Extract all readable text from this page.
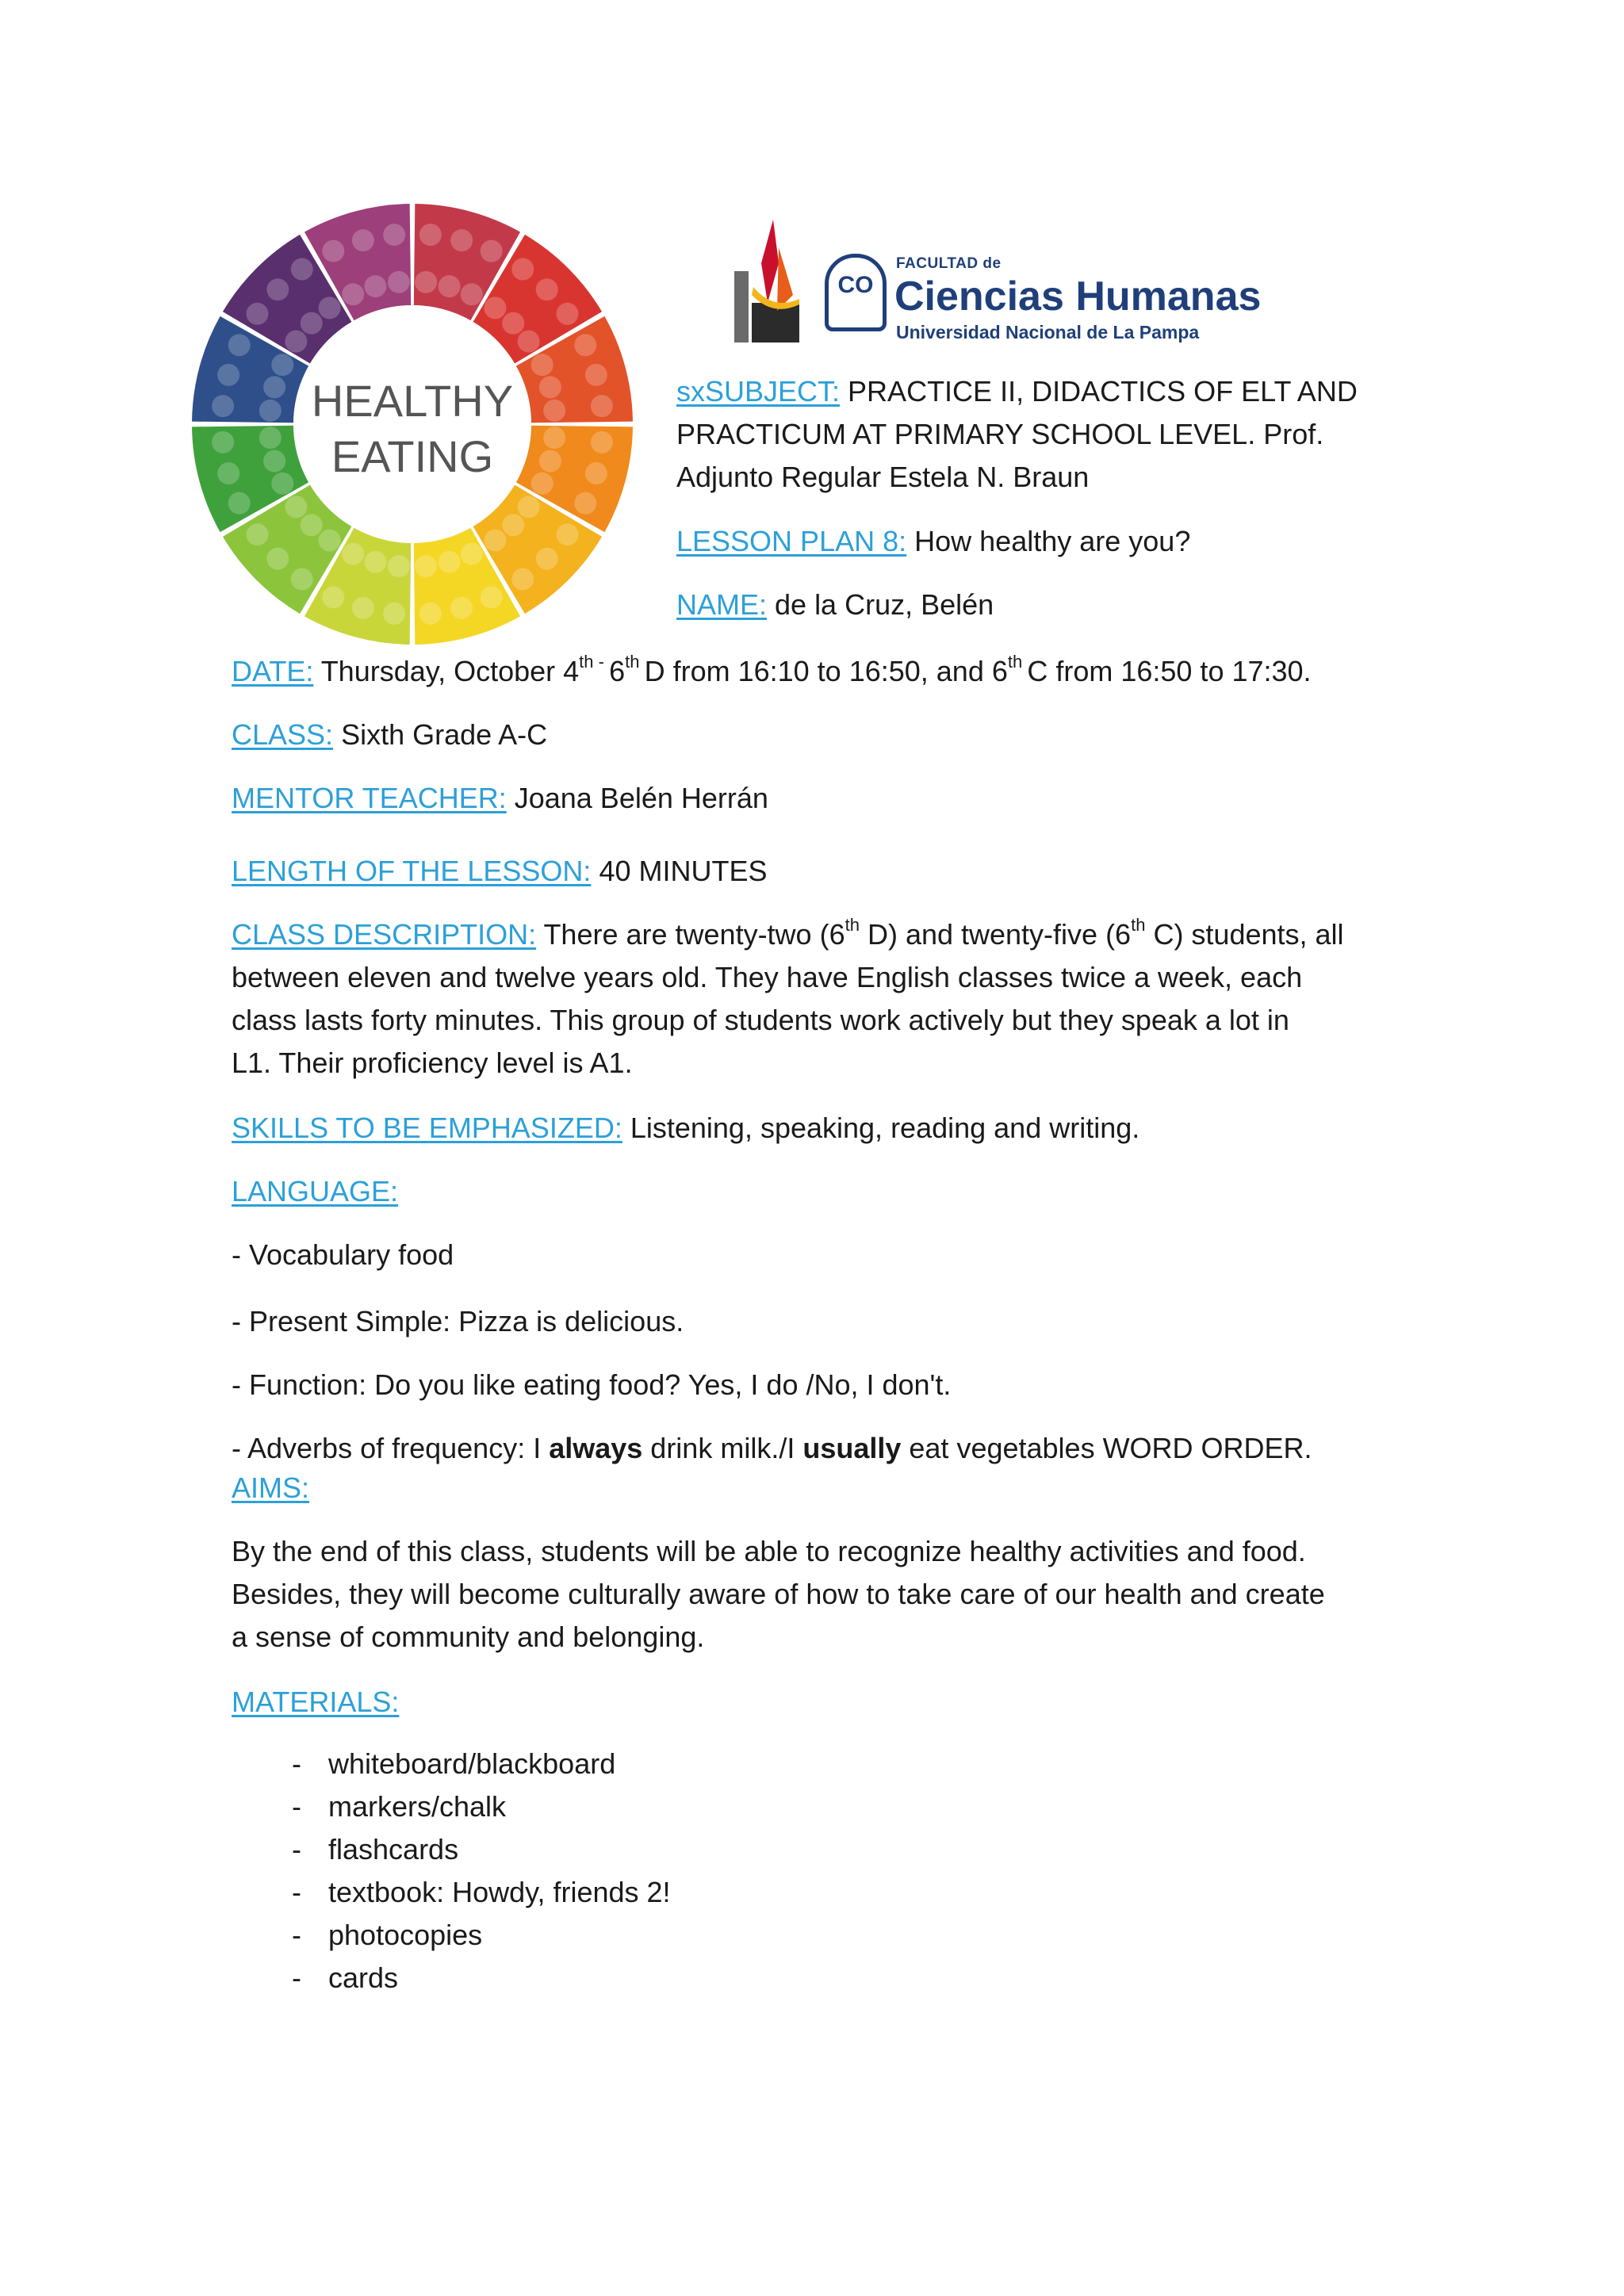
HEALTHY
EATING
CO
FACULTAD de
Ciencias Humanas
Universidad Nacional de La Pampa
sxSUBJECT: PRACTICE II, DIDACTICS OF ELT AND
PRACTICUM AT PRIMARY SCHOOL LEVEL. Prof.
Adjunto Regular Estela N. Braun
LESSON PLAN 8: How healthy are you?
NAME: de la Cruz, Belén
DATE: Thursday, October $4^{th -}$ 6th D from 16:10 to 16:50, and 6th C from 16:50 to 17:30.
CLASS: Sixth Grade A-C
MENTOR TEACHER: Joana Belén Herrán
LENGTH OF THE LESSON: 40 MINUTES
CLASS DESCRIPTION: There are twenty-two (6th D) and twenty-five (6th C) students, all
between eleven and twelve years old. They have English classes twice a week, each
class lasts forty minutes. This group of students work actively but they speak a lot in
L1. Their proficiency level is A1.
SKILLS TO BE EMPHASIZED: Listening, speaking, reading and writing.
LANGUAGE:
- Vocabulary food
- Present Simple: Pizza is delicious.
- Function: Do you like eating food? Yes, I do /No, I don't.
- Adverbs of frequency: I always drink milk./I usually eat vegetables WORD ORDER.
AIMS:
By the end of this class, students will be able to recognize healthy activities and food.
Besides, they will become culturally aware of how to take care of our health and create
a sense of community and belonging.
MATERIALS:
- whiteboard/blackboard
- markers/chalk
- flashcards
- textbook: Howdy, friends 2!
- photocopies
- cards
